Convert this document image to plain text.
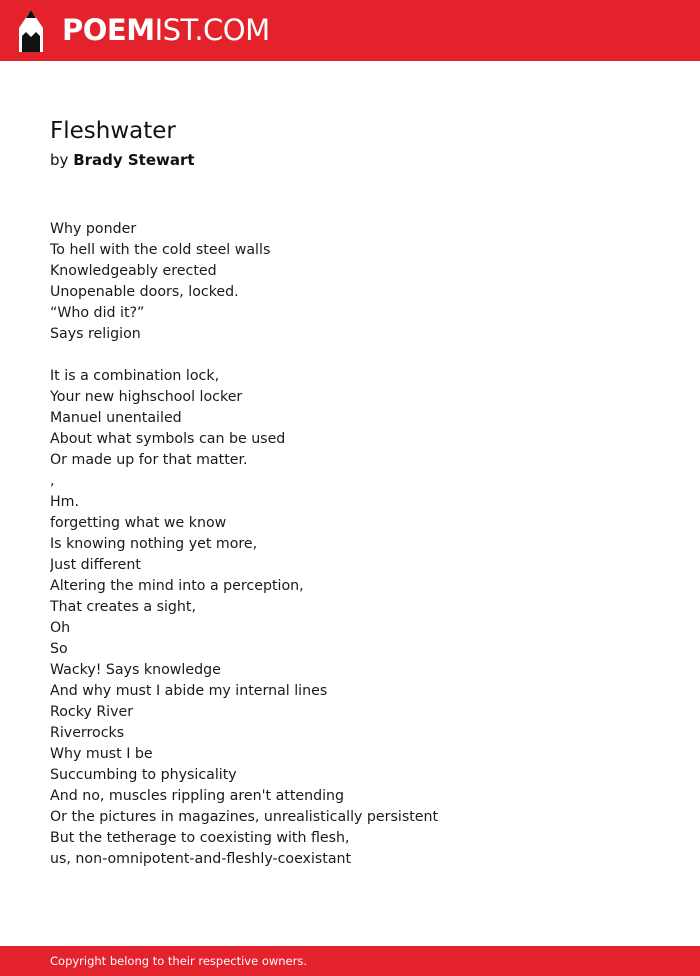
POEMIST.COM
Fleshwater
by Brady Stewart
Why ponder
To hell with the cold steel walls
Knowledgeably erected
Unopenable doors, locked.
“Who did it?”
Says religion
It is a combination lock,
Your new highschool locker
Manuel unentailed
About what symbols can be used
Or made up for that matter.
,
Hm.
forgetting what we know
Is knowing nothing yet more,
Just different
Altering the mind into a perception,
That creates a sight,
Oh
So
Wacky! Says knowledge
And why must I abide my internal lines
Rocky River
Riverrocks
Why must I be
Succumbing to physicality
And no, muscles rippling aren't attending
Or the pictures in magazines, unrealistically persistent
But the tetherage to coexisting with flesh,
us, non-omnipotent-and-fleshly-coexistant
Copyright belong to their respective owners.
